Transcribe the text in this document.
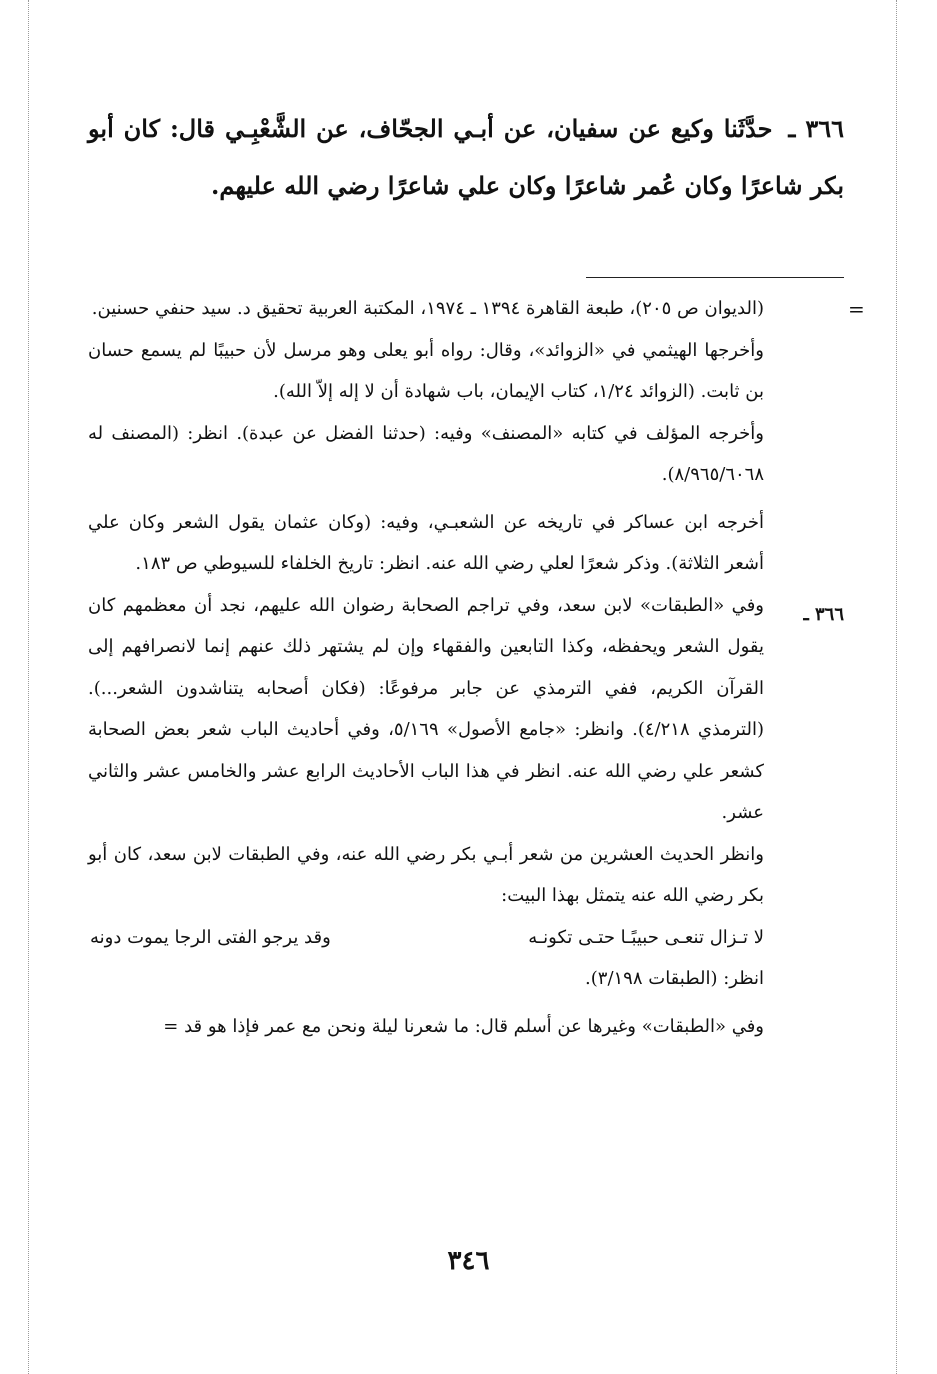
٣٦٦ ـ حدَّثَنا وكيع عن سفيان، عن أبـي الجحّاف، عن الشَّعْبِـي قال: كان أبو بكر شاعرًا وكان عُمر شاعرًا وكان علي شاعرًا رضي الله عليهم.

=

(الديوان ص ٢٠٥)، طبعة القاهرة ١٣٩٤ ـ ١٩٧٤، المكتبة العربية تحقيق د. سيد حنفي حسنين.

وأخرجها الهيثمي في «الزوائد»، وقال: رواه أبو يعلى وهو مرسل لأن حبيبًا لم يسمع حسان بن ثابت. (الزوائد ١/٢٤، كتاب الإيمان، باب شهادة أن لا إله إلاّ الله).

وأخرجه المؤلف في كتابه «المصنف» وفيه: (حدثنا الفضل عن عبدة). انظر: (المصنف له ٨/٩٦٥/٦٠٦٨).

أخرجه ابن عساكر في تاريخه عن الشعبـي، وفيه: (وكان عثمان يقول الشعر وكان علي أشعر الثلاثة). وذكر شعرًا لعلي رضي الله عنه. انظر: تاريخ الخلفاء للسيوطي ص ١٨٣.

وفي «الطبقات» لابن سعد، وفي تراجم الصحابة رضوان الله عليهم، نجد أن معظمهم كان يقول الشعر ويحفظه، وكذا التابعين والفقهاء وإن لم يشتهر ذلك عنهم إنما لانصرافهم إلى القرآن الكريم، ففي الترمذي عن جابر مرفوعًا: (فكان أصحابه يتناشدون الشعر...). (الترمذي ٤/٢١٨). وانظر: «جامع الأصول» ٥/١٦٩، وفي أحاديث الباب شعر بعض الصحابة كشعر علي رضي الله عنه. انظر في هذا الباب الأحاديث الرابع عشر والخامس عشر والثاني عشر.

وانظر الحديث العشرين من شعر أبـي بكر رضي الله عنه، وفي الطبقات لابن سعد، كان أبو بكر رضي الله عنه يتمثل بهذا البيت:

لا تـزال تنعـى حبيبًـا حتـى تكونـه
وقد يرجو الفتى الرجا يموت دونه

انظر: (الطبقات ٣/١٩٨).

وفي «الطبقات» وغيرها عن أسلم قال: ما شعرنا ليلة ونحن مع عمر فإذا هو قد =

٣٦٦ ـ
٣٤٦
